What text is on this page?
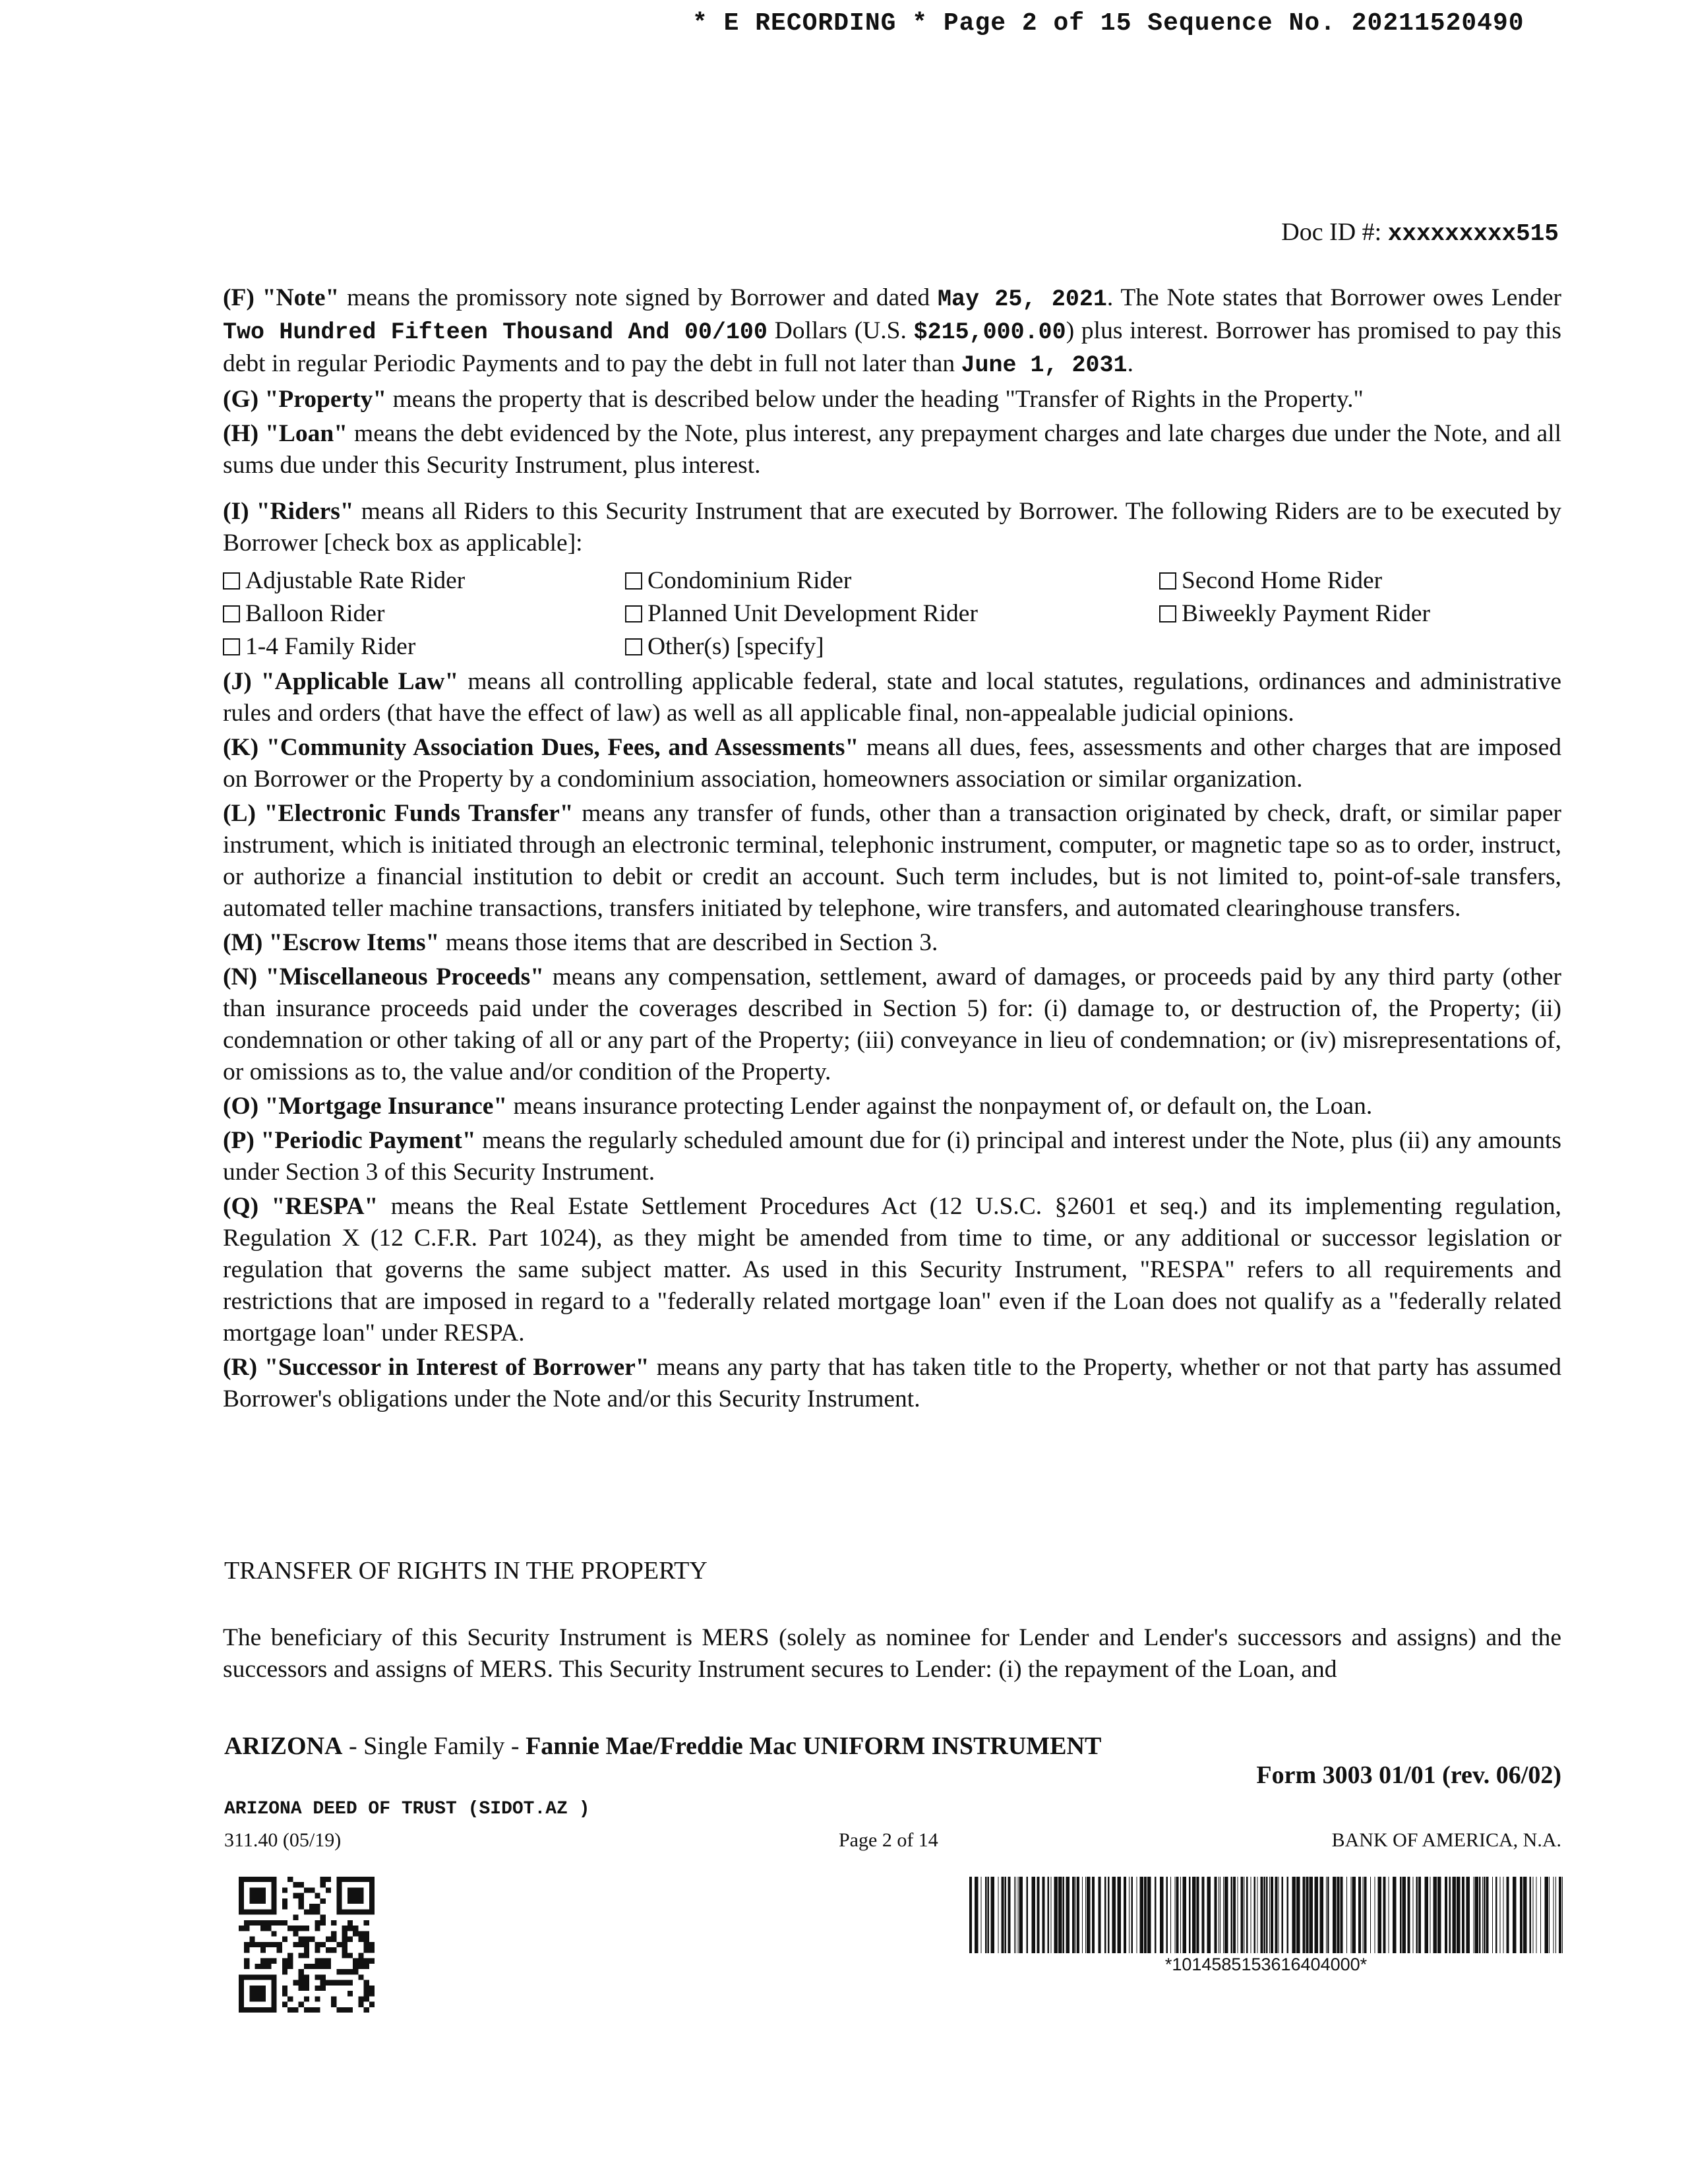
* E RECORDING * Page 2 of 15 Sequence No. 20211520490
Doc ID #: xxxxxxxxx515

(F) "Note" means the promissory note signed by Borrower and dated May 25, 2021. The Note states that Borrower owes Lender Two Hundred Fifteen Thousand And 00/100 Dollars (U.S. $215,000.00) plus interest. Borrower has promised to pay this debt in regular Periodic Payments and to pay the debt in full not later than June 1, 2031.

(G) "Property" means the property that is described below under the heading "Transfer of Rights in the Property."

(H) "Loan" means the debt evidenced by the Note, plus interest, any prepayment charges and late charges due under the Note, and all sums due under this Security Instrument, plus interest.

(I) "Riders" means all Riders to this Security Instrument that are executed by Borrower. The following Riders are to be executed by Borrower [check box as applicable]:

Adjustable Rate Rider	Condominium Rider	Second Home Rider
Balloon Rider	Planned Unit Development Rider	Biweekly Payment Rider
1-4 Family Rider	Other(s) [specify]

(J) "Applicable Law" means all controlling applicable federal, state and local statutes, regulations, ordinances and administrative rules and orders (that have the effect of law) as well as all applicable final, non-appealable judicial opinions.

(K) "Community Association Dues, Fees, and Assessments" means all dues, fees, assessments and other charges that are imposed on Borrower or the Property by a condominium association, homeowners association or similar organization.

(L) "Electronic Funds Transfer" means any transfer of funds, other than a transaction originated by check, draft, or similar paper instrument, which is initiated through an electronic terminal, telephonic instrument, computer, or magnetic tape so as to order, instruct, or authorize a financial institution to debit or credit an account. Such term includes, but is not limited to, point-of-sale transfers, automated teller machine transactions, transfers initiated by telephone, wire transfers, and automated clearinghouse transfers.

(M) "Escrow Items" means those items that are described in Section 3.

(N) "Miscellaneous Proceeds" means any compensation, settlement, award of damages, or proceeds paid by any third party (other than insurance proceeds paid under the coverages described in Section 5) for: (i) damage to, or destruction of, the Property; (ii) condemnation or other taking of all or any part of the Property; (iii) conveyance in lieu of condemnation; or (iv) misrepresentations of, or omissions as to, the value and/or condition of the Property.

(O) "Mortgage Insurance" means insurance protecting Lender against the nonpayment of, or default on, the Loan.

(P) "Periodic Payment" means the regularly scheduled amount due for (i) principal and interest under the Note, plus (ii) any amounts under Section 3 of this Security Instrument.

(Q) "RESPA" means the Real Estate Settlement Procedures Act (12 U.S.C. §2601 et seq.) and its implementing regulation, Regulation X (12 C.F.R. Part 1024), as they might be amended from time to time, or any additional or successor legislation or regulation that governs the same subject matter. As used in this Security Instrument, "RESPA" refers to all requirements and restrictions that are imposed in regard to a "federally related mortgage loan" even if the Loan does not qualify as a "federally related mortgage loan" under RESPA.

(R) "Successor in Interest of Borrower" means any party that has taken title to the Property, whether or not that party has assumed Borrower's obligations under the Note and/or this Security Instrument.

TRANSFER OF RIGHTS IN THE PROPERTY

The beneficiary of this Security Instrument is MERS (solely as nominee for Lender and Lender's successors and assigns) and the successors and assigns of MERS. This Security Instrument secures to Lender: (i) the repayment of the Loan, and

ARIZONA - Single Family - Fannie Mae/Freddie Mac UNIFORM INSTRUMENT
Form 3003 01/01 (rev. 06/02)
ARIZONA DEED OF TRUST (SIDOT.AZ )
311.40 (05/19)	Page 2 of 14	BANK OF AMERICA, N.A.
*1014585153616404000*
